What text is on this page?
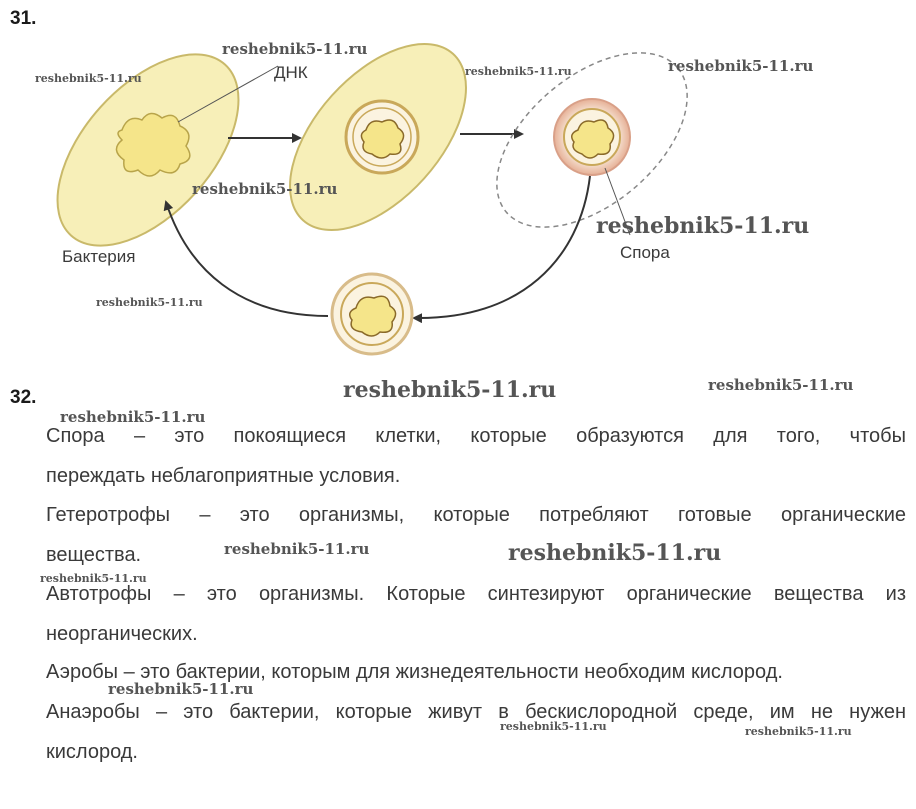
31.
ДНК
Бактерия	Спора
32.
Спора – это покоящиеся клетки, которые образуются для того, чтобы
переждать неблагоприятные условия.
Гетеротрофы – это организмы, которые потребляют готовые органические
вещества.
Автотрофы – это организмы. Которые синтезируют органические вещества из
неорганических.
Аэробы – это бактерии, которым для жизнедеятельности необходим кислород.
Анаэробы – это бактерии, которые живут в бескислородной среде, им не нужен
кислород.
reshebnik5-11.ru
reshebnik5-11.ru
reshebnik5-11.ru	reshebnik5-11.ru
reshebnik5-11.ru
reshebnik5-11.ru
reshebnik5-11.ru
reshebnik5-11.ru	reshebnik5-11.ru
reshebnik5-11.ru
reshebnik5-11.ru	reshebnik5-11.ru
reshebnik5-11.ru
reshebnik5-11.ru
reshebnik5-11.ru	reshebnik5-11.ru
